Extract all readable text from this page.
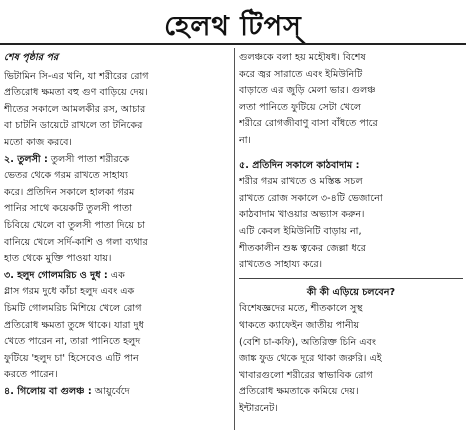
হেলথ টিপস্
শেষ পৃষ্ঠার পর
ভিটামিন সি-এর খনি, যা শরীরের রোগ
প্রতিরোধ ক্ষমতা বহু গুণ বাড়িয়ে দেয়।
শীতের সকালে আমলকীর রস, আচার
বা চাটনি ডায়েটে রাখলে তা টনিকের
মতো কাজ করবে।
২. তুলসী : তুলসী পাতা শরীরকে
ভেতর থেকে গরম রাখতে সাহায্য
করে। প্রতিদিন সকালে হালকা গরম
পানির সাথে কয়েকটি তুলসী পাতা
চিবিয়ে খেলে বা তুলসী পাতা দিয়ে চা
বানিয়ে খেলে সর্দি-কাশি ও গলা ব্যথার
হাত থেকে মুক্তি পাওয়া যায়।
৩. হলুদ গোলমরিচ ও দুধ : এক
গ্লাস গরম দুধে কাঁচা হলুদ এবং এক
চিমটি গোলমরিচ মিশিয়ে খেলে রোগ
প্রতিরোধ ক্ষমতা তুঙ্গে থাকে। যারা দুধ
খেতে পারেন না, তারা পানিতে হলুদ
ফুটিয়ে 'হলুদ চা' হিসেবেও এটি পান
করতে পারেন।
৪. গিলোয় বা গুলঞ্চ : আয়ুর্বেদে
গুলঞ্চকে বলা হয় মহৌষধ। বিশেষ
করে জ্বর সারাতে এবং ইমিউনিটি
বাড়াতে এর জুড়ি মেলা ভার। গুলঞ্চ
লতা পানিতে ফুটিয়ে সেটা খেলে
শরীরে রোগজীবাণু বাসা বাঁধতে পারে
না।
৫. প্রতিদিন সকালে কাঠবাদাম :
শরীর গরম রাখতে ও মস্তিষ্ক সচল
রাখতে রোজ সকালে ৩-৪টি ভেজানো
কাঠবাদাম খাওয়ার অভ্যাস করুন।
এটি কেবল ইমিউনিটি বাড়ায় না,
শীতকালীন শুষ্ক ত্বকের জেল্লা ধরে
রাখতেও সাহায্য করে।
কী কী এড়িয়ে চলবেন?
বিশেষজ্ঞদের মতে, শীতকালে সুস্থ
থাকতে ক্যাফেইন জাতীয় পানীয়
(বেশি চা-কফি), অতিরিক্ত চিনি এবং
জাঙ্ক ফুড থেকে দূরে থাকা জরুরি। এই
খাবারগুলো শরীরের স্বাভাবিক রোগ
প্রতিরোধ ক্ষমতাকে কমিয়ে দেয়।
ইন্টারনেট।
